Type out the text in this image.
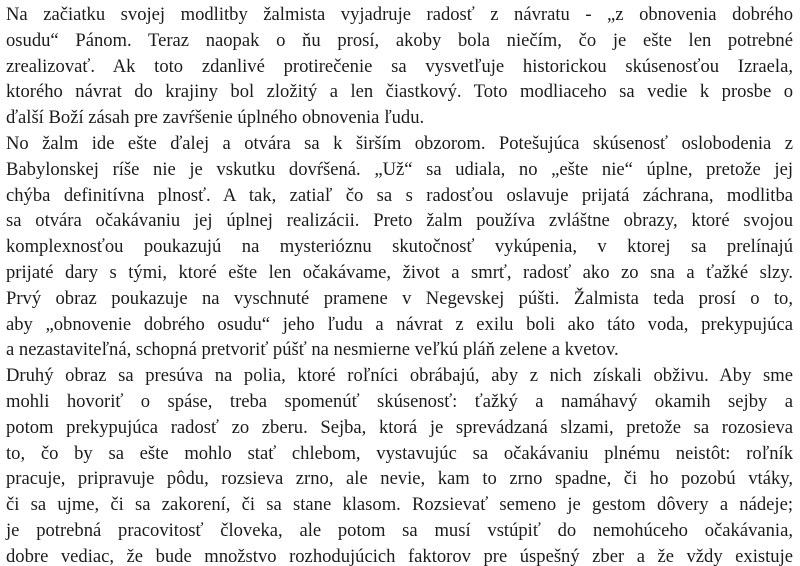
Na začiatku svojej modlitby žalmista vyjadruje radosť z návratu - „z obnovenia dobrého
osudu“ Pánom. Teraz naopak o ňu prosí, akoby bola niečím, čo je ešte len potrebné
zrealizovať. Ak toto zdanlivé protirečenie sa vysvetľuje historickou skúsenosťou Izraela,
ktorého návrat do krajiny bol zložitý a len čiastkový. Toto modliaceho sa vedie k prosbe o
ďalší Boží zásah pre zavŕšenie úplného obnovenia ľudu.
No žalm ide ešte ďalej a otvára sa k širším obzorom. Potešujúca skúsenosť oslobodenia z
Babylonskej ríše nie je vskutku dovŕšená. „Už“ sa udiala, no „ešte nie“ úplne, pretože jej
chýba definitívna plnosť. A tak, zatiaľ čo sa s radosťou oslavuje prijatá záchrana, modlitba
sa otvára očakávaniu jej úplnej realizácii. Preto žalm používa zvláštne obrazy, ktoré svojou
komplexnosťou poukazujú na mysterióznu skutočnosť vykúpenia, v ktorej sa prelínajú
prijaté dary s tými, ktoré ešte len očakávame, život a smrť, radosť ako zo sna a ťažké slzy.
Prvý obraz poukazuje na vyschnuté pramene v Negevskej púšti. Žalmista teda prosí o to,
aby „obnovenie dobrého osudu“ jeho ľudu a návrat z exilu boli ako táto voda, prekypujúca
a nezastaviteľná, schopná pretvoriť púšť na nesmierne veľkú pláň zelene a kvetov.
Druhý obraz sa presúva na polia, ktoré roľníci obrábajú, aby z nich získali obživu. Aby sme
mohli hovoriť o spáse, treba spomenúť skúsenosť: ťažký a namáhavý okamih sejby a
potom prekypujúca radosť zo zberu. Sejba, ktorá je sprevádzaná slzami, pretože sa rozosieva
to, čo by sa ešte mohlo stať chlebom, vystavujúc sa očakávaniu plnému neistôt: roľník
pracuje, pripravuje pôdu, rozsieva zrno, ale nevie, kam to zrno spadne, či ho pozobú vtáky,
či sa ujme, či sa zakorení, či sa stane klasom. Rozsievať semeno je gestom dôvery a nádeje;
je potrebná pracovitosť človeka, ale potom sa musí vstúpiť do nemohúceho očakávania,
dobre vediac, že bude množstvo rozhodujúcich faktorov pre úspešný zber a že vždy existuje
